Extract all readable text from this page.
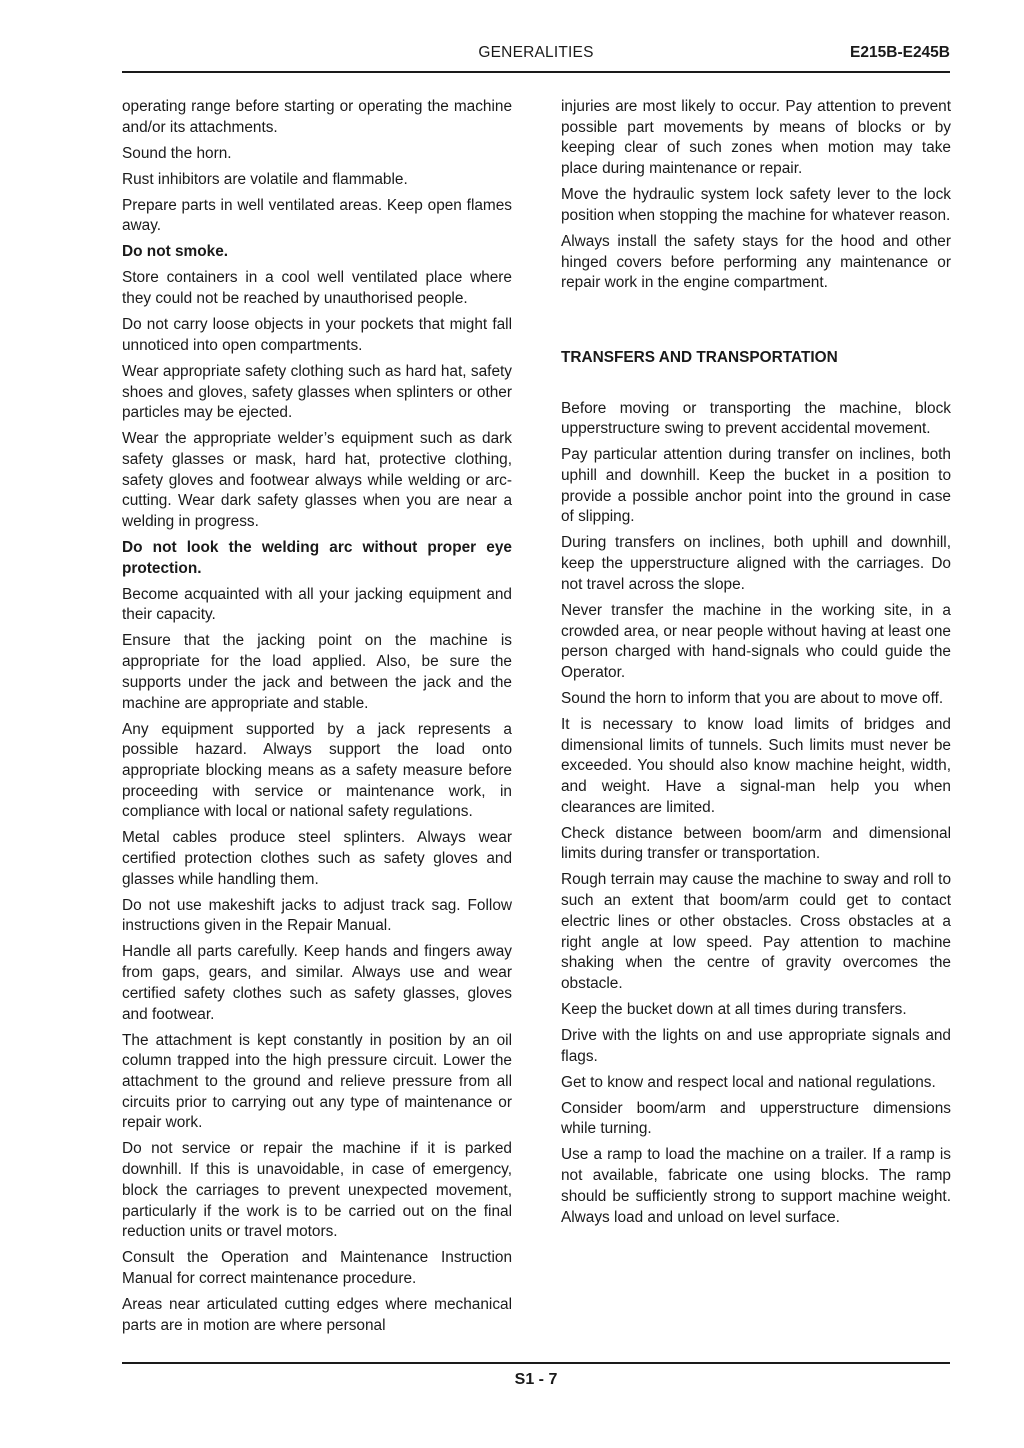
GENERALITIES	E215B-E245B

operating range before starting or operating the machine and/or its attachments.

Sound the horn.

Rust inhibitors are volatile and flammable.

Prepare parts in well ventilated areas. Keep open flames away.

Do not smoke.

Store containers in a cool well ventilated place where they could not be reached by unauthorised people.

Do not carry loose objects in your pockets that might fall unnoticed into open compartments.

Wear appropriate safety clothing such as hard hat, safety shoes and gloves, safety glasses when splinters or other particles may be ejected.

Wear the appropriate welder’s equipment such as dark safety glasses or mask, hard hat, protective clothing, safety gloves and footwear always while welding or arc-cutting. Wear dark safety glasses when you are near a welding in progress.

Do not look the welding arc without proper eye protection.

Become acquainted with all your jacking equipment and their capacity.

Ensure that the jacking point on the machine is appropriate for the load applied. Also, be sure the supports under the jack and between the jack and the machine are appropriate and stable.

Any equipment supported by a jack represents a possible hazard. Always support the load onto appropriate blocking means as a safety measure before proceeding with service or maintenance work, in compliance with local or national safety regulations.

Metal cables produce steel splinters. Always wear certified protection clothes such as safety gloves and glasses while handling them.

Do not use makeshift jacks to adjust track sag. Follow instructions given in the Repair Manual.

Handle all parts carefully. Keep hands and fingers away from gaps, gears, and similar. Always use and wear certified safety clothes such as safety glasses, gloves and footwear.

The attachment is kept constantly in position by an oil column trapped into the high pressure circuit. Lower the attachment to the ground and relieve pressure from all circuits prior to carrying out any type of maintenance or repair work.

Do not service or repair the machine if it is parked downhill. If this is unavoidable, in case of emergency, block the carriages to prevent unexpected movement, particularly if the work is to be carried out on the final reduction units or travel motors.

Consult the Operation and Maintenance Instruction Manual for correct maintenance procedure.

Areas near articulated cutting edges where mechanical parts are in motion are where personal

injuries are most likely to occur. Pay attention to prevent possible part movements by means of blocks or by keeping clear of such zones when motion may take place during maintenance or repair.

Move the hydraulic system lock safety lever to the lock position when stopping the machine for whatever reason.

Always install the safety stays for the hood and other hinged covers before performing any maintenance or repair work in the engine compartment.

TRANSFERS AND TRANSPORTATION

Before moving or transporting the machine, block upperstructure swing to prevent accidental movement.

Pay particular attention during transfer on inclines, both uphill and downhill. Keep the bucket in a position to provide a possible anchor point into the ground in case of slipping.

During transfers on inclines, both uphill and downhill, keep the upperstructure aligned with the carriages. Do not travel across the slope.

Never transfer the machine in the working site, in a crowded area, or near people without having at least one person charged with hand-signals who could guide the Operator.

Sound the horn to inform that you are about to move off.

It is necessary to know load limits of bridges and dimensional limits of tunnels. Such limits must never be exceeded. You should also know machine height, width, and weight. Have a signal-man help you when clearances are limited.

Check distance between boom/arm and dimensional limits during transfer or transportation.

Rough terrain may cause the machine to sway and roll to such an extent that boom/arm could get to contact electric lines or other obstacles. Cross obstacles at a right angle at low speed. Pay attention to machine shaking when the centre of gravity overcomes the obstacle.

Keep the bucket down at all times during transfers.

Drive with the lights on and use appropriate signals and flags.

Get to know and respect local and national regulations.

Consider boom/arm and upperstructure dimensions while turning.

Use a ramp to load the machine on a trailer. If a ramp is not available, fabricate one using blocks. The ramp should be sufficiently strong to support machine weight. Always load and unload on level surface.

S1 - 7
